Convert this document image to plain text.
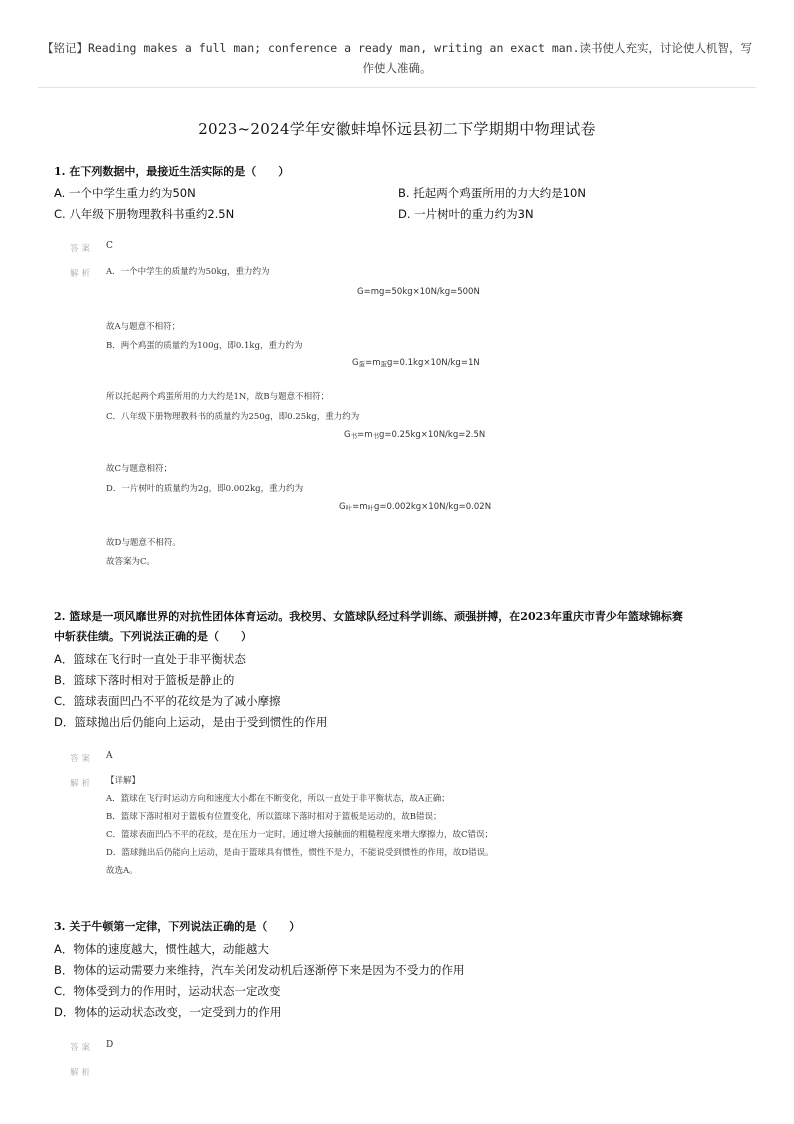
【铭记】Reading makes a full man; conference a ready man, writing an exact man.读书使人充实，讨论使人机智，写作使人准确。
2023~2024学年安徽蚌埠怀远县初二下学期期中物理试卷
1. 在下列数据中，最接近生活实际的是（　　）
A. 一个中学生重力约为50N	B. 托起两个鸡蛋所用的力大约是10N
C. 八年级下册物理教科书重约2.5N	D. 一片树叶的重力约为3N
答案 C
解析 A．一个中学生的质量约为50kg，重力约为
G=mg=50kg×10N/kg=500N
故A与题意不相符；
B．两个鸡蛋的质量约为100g，即0.1kg，重力约为
$G_蛋=m_蛋g=0.1kg\times 10N/kg=1N$
所以托起两个鸡蛋所用的力大约是1N，故B与题意不相符；
C．八年级下册物理教科书的质量约为250g，即0.25kg，重力约为
$G_书=m_书g=0.25kg\times 10N/kg=2.5N$
故C与题意相符；
D．一片树叶的质量约为2g，即0.002kg，重力约为
$G_叶=m_叶g=0.002kg\times 10N/kg=0.02N$
故D与题意不相符。
故答案为C。
2. 篮球是一项风靡世界的对抗性团体体育运动。我校男、女篮球队经过科学训练、顽强拼搏，在2023年重庆市青少年篮球锦标赛
中斩获佳绩。下列说法正确的是（　　）
A．篮球在飞行时一直处于非平衡状态
B．篮球下落时相对于篮板是静止的
C．篮球表面凹凸不平的花纹是为了减小摩擦
D．篮球抛出后仍能向上运动，是由于受到惯性的作用
答案 A
解析 【详解】
A．篮球在飞行时运动方向和速度大小都在不断变化，所以一直处于非平衡状态，故A正确；
B．篮球下落时相对于篮板有位置变化，所以篮球下落时相对于篮板是运动的，故B错误；
C．篮球表面凹凸不平的花纹，是在压力一定时，通过增大接触面的粗糙程度来增大摩擦力，故C错误；
D．篮球抛出后仍能向上运动，是由于篮球具有惯性，惯性不是力，不能说受到惯性的作用，故D错误。
故选A。
3. 关于牛顿第一定律，下列说法正确的是（　　）
A．物体的速度越大，惯性越大，动能越大
B．物体的运动需要力来维持，汽车关闭发动机后逐渐停下来是因为不受力的作用
C．物体受到力的作用时，运动状态一定改变
D．物体的运动状态改变，一定受到力的作用
答案 D
解析
